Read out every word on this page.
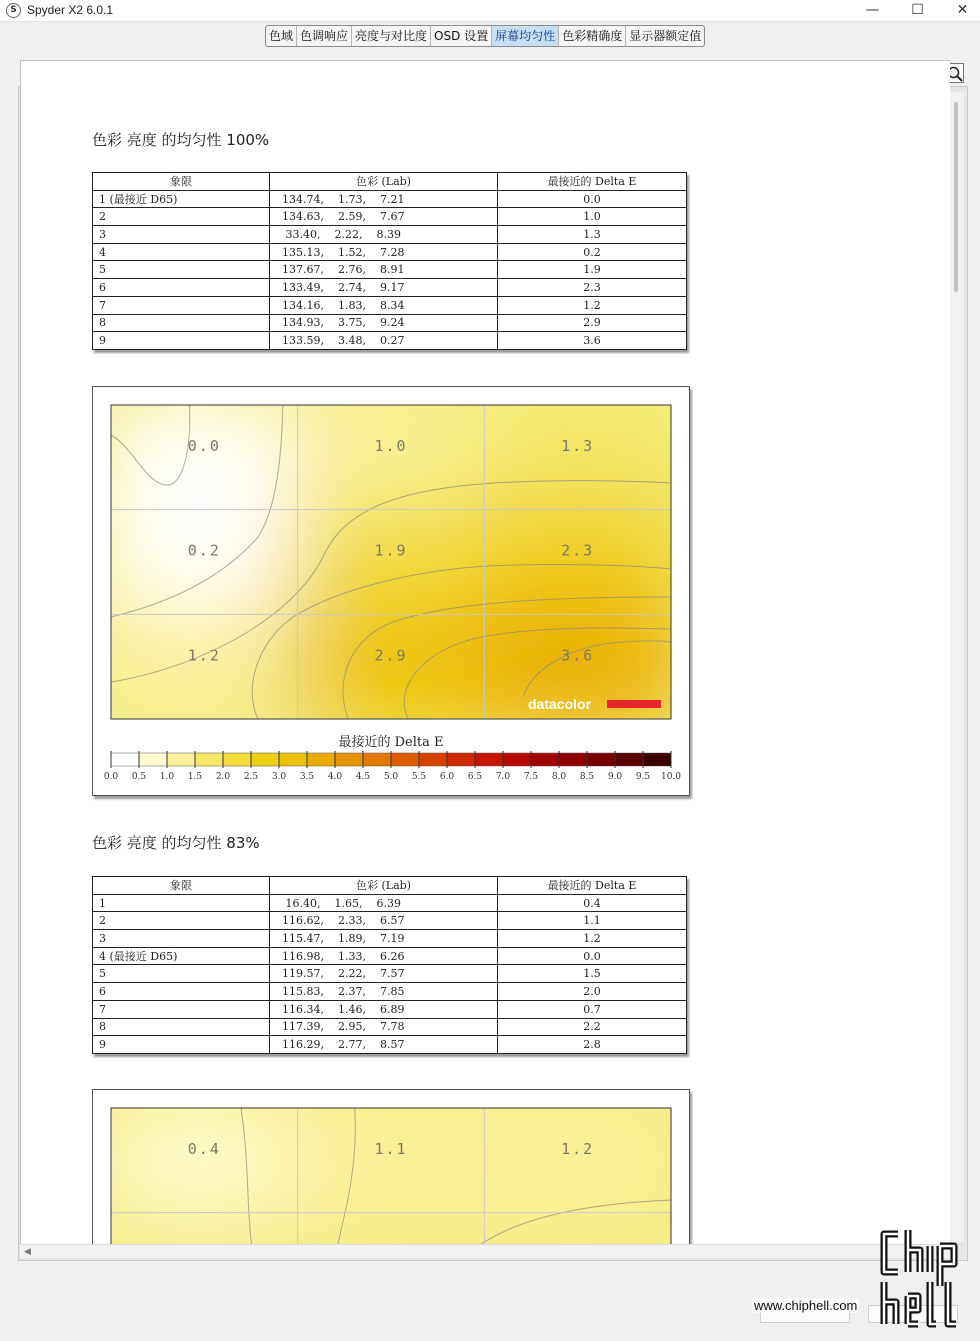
S Spyder X2 6.0.1	—	☐	✕
色域 色调响应 亮度与对比度 OSD 设置 屏幕均匀性 色彩精确度 显示器额定值
色彩 亮度 的均匀性 100%
象限	色彩 (Lab)	最接近的 Delta E
1 (最接近 D65)	134.74,    1.73,    7.21	0.0
2	134.63,    2.59,    7.67	1.0
3	33.40,    2.22,    8.39	1.3
4	135.13,    1.52,    7.28	0.2
5	137.67,    2.76,    8.91	1.9
6	133.49,    2.74,    9.17	2.3
7	134.16,    1.83,    8.34	1.2
8	134.93,    3.75,    9.24	2.9
9	133.59,    3.48,    0.27	3.6
0.0	1.0	1.3
0.2	1.9	2.3
1.2	2.9	3.6
datacolor
最接近的 Delta E
0.0 0.5 1.0 1.5 2.0 2.5 3.0 3.5 4.0 4.5 5.0 5.5 6.0 6.5 7.0 7.5 8.0 8.5 9.0 9.5 10.0
色彩 亮度 的均匀性 83%
象限	色彩 (Lab)	最接近的 Delta E
1	16.40,    1.65,    6.39	0.4
2	116.62,    2.33,    6.57	1.1
3	115.47,    1.89,    7.19	1.2
4 (最接近 D65)	116.98,    1.33,    6.26	0.0
5	119.57,    2.22,    7.57	1.5
6	115.83,    2.37,    7.85	2.0
7	116.34,    1.46,    6.89	0.7
8	117.39,    2.95,    7.78	2.2
9	116.29,    2.77,    8.57	2.8
0.4	1.1	1.2
◀
www.chiphell.com
